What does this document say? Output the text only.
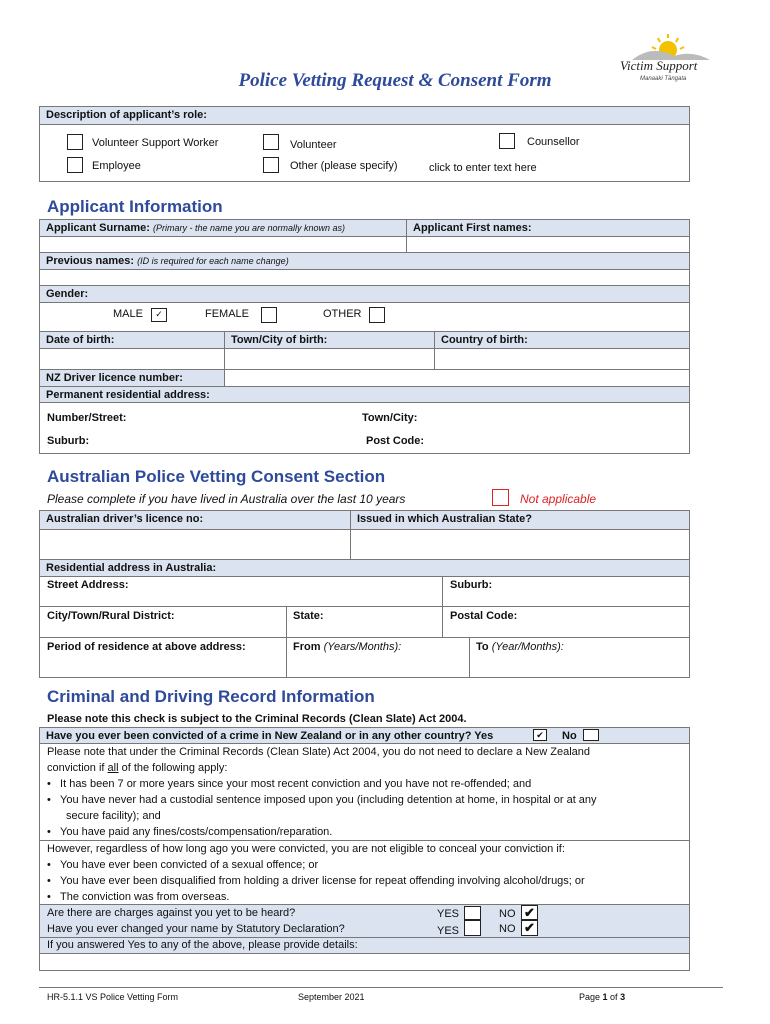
Victim Support
Manaaki Tāngata
Police Vetting Request & Consent Form
Description of applicant’s role:
Volunteer Support Worker	Volunteer	Counsellor
Employee	Other (please specify)	click to enter text here
Applicant Information
Applicant Surname: (Primary - the name you are normally known as)	Applicant First names:
Previous names: (ID is required for each name change)
Gender:
MALE	✓	FEMALE	OTHER
Date of birth:	Town/City of birth:	Country of birth:
NZ Driver licence number:
Permanent residential address:
Number/Street:	Town/City:
Suburb:	Post Code:
Australian Police Vetting Consent Section
Please complete if you have lived in Australia over the last 10 years	Not applicable
Australian driver’s licence no:	Issued in which Australian State?
Residential address in Australia:
Street Address:	Suburb:
City/Town/Rural District:	State:	Postal Code:
Period of residence at above address:	From (Years/Months):	To (Year/Months):
Criminal and Driving Record Information
Please note this check is subject to the Criminal Records (Clean Slate) Act 2004.
Have you ever been convicted of a crime in New Zealand or in any other country? Yes	✔ No
Please note that under the Criminal Records (Clean Slate) Act 2004, you do not need to declare a New Zealand
conviction if all of the following apply:
•   It has been 7 or more years since your most recent conviction and you have not re-offended; and
•   You have never had a custodial sentence imposed upon you (including detention at home, in hospital or at any
secure facility); and
•   You have paid any fines/costs/compensation/reparation.
However, regardless of how long ago you were convicted, you are not eligible to conceal your conviction if:
•   You have ever been convicted of a sexual offence; or
•   You have ever been disqualified from holding a driver license for repeat offending involving alcohol/drugs; or
•   The conviction was from overseas.
Are there are charges against you yet to be heard?	YES	NO ✔
Have you ever changed your name by Statutory Declaration?	YES	NO ✔
If you answered Yes to any of the above, please provide details:
HR-5.1.1 VS Police Vetting Form	September 2021	Page 1 of 3
